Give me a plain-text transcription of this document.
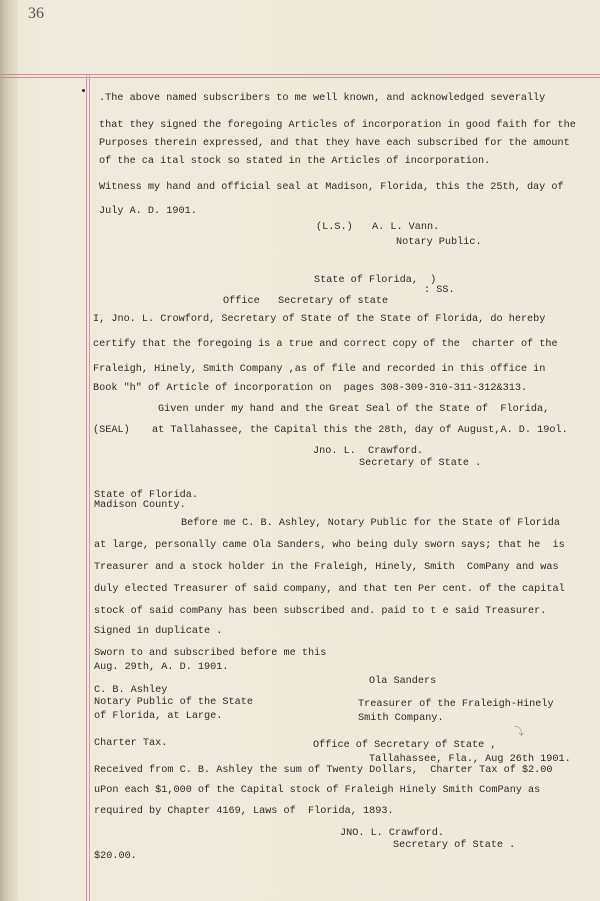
36
.The above named subscribers to me well known, and acknowledged severally
that they signed the foregoing Articles of incorporation in good faith for the
Purposes therein expressed, and that they have each subscribed for the amount
of the ca ital stock so stated in the Articles of incorporation.
Witness my hand and official seal at Madison, Florida, this the 25th, day of
July A. D. 1901.
(L.S.) A. L. Vann.
Notary Public.
State of Florida,  )
: SS.
Office   Secretary of state
I, Jno. L. Crowford, Secretary of State of the State of Florida, do hereby
certify that the foregoing is a true and correct copy of the  charter of the
Fraleigh, Hinely, Smith Company ,as of file and recorded in this office in
Book "h" of Article of incorporation on  pages 308-309-310-311-312&313.
Given under my hand and the Great Seal of the State of  Florida,
(SEAL) at Tallahassee, the Capital this the 28th, day of August,A. D. 19ol.
Jno. L.  Crawford.
Secretary of State .
State of Florida.
Madison County.
Before me C. B. Ashley, Notary Public for the State of Florida
at large, personally came Ola Sanders, who being duly sworn says; that he  is
Treasurer and a stock holder in the Fraleigh, Hinely, Smith  ComPany and was
duly elected Treasurer of said company, and that ten Per cent. of the capital
stock of said comPany has been subscribed and. paid to t e said Treasurer.
Signed in duplicate .
Sworn to and subscribed before me this
Aug. 29th, A. D. 1901.
Ola Sanders
C. B. Ashley
Notary Public of the State	Treasurer of the Fraleigh-Hinely
of Florida, at Large.	Smith Company.
⤵
Charter Tax.	Office of Secretary of State ,
Tallahassee, Fla., Aug 26th 1901.
Received from C. B. Ashley the sum of Twenty Dollars,  Charter Tax of $2.00
uPon each $1,000 of the Capital stock of Fraleigh Hinely Smith ComPany as
required by Chapter 4169, Laws of  Florida, 1893.
JNO. L. Crawford.
Secretary of State .
$20.00.
